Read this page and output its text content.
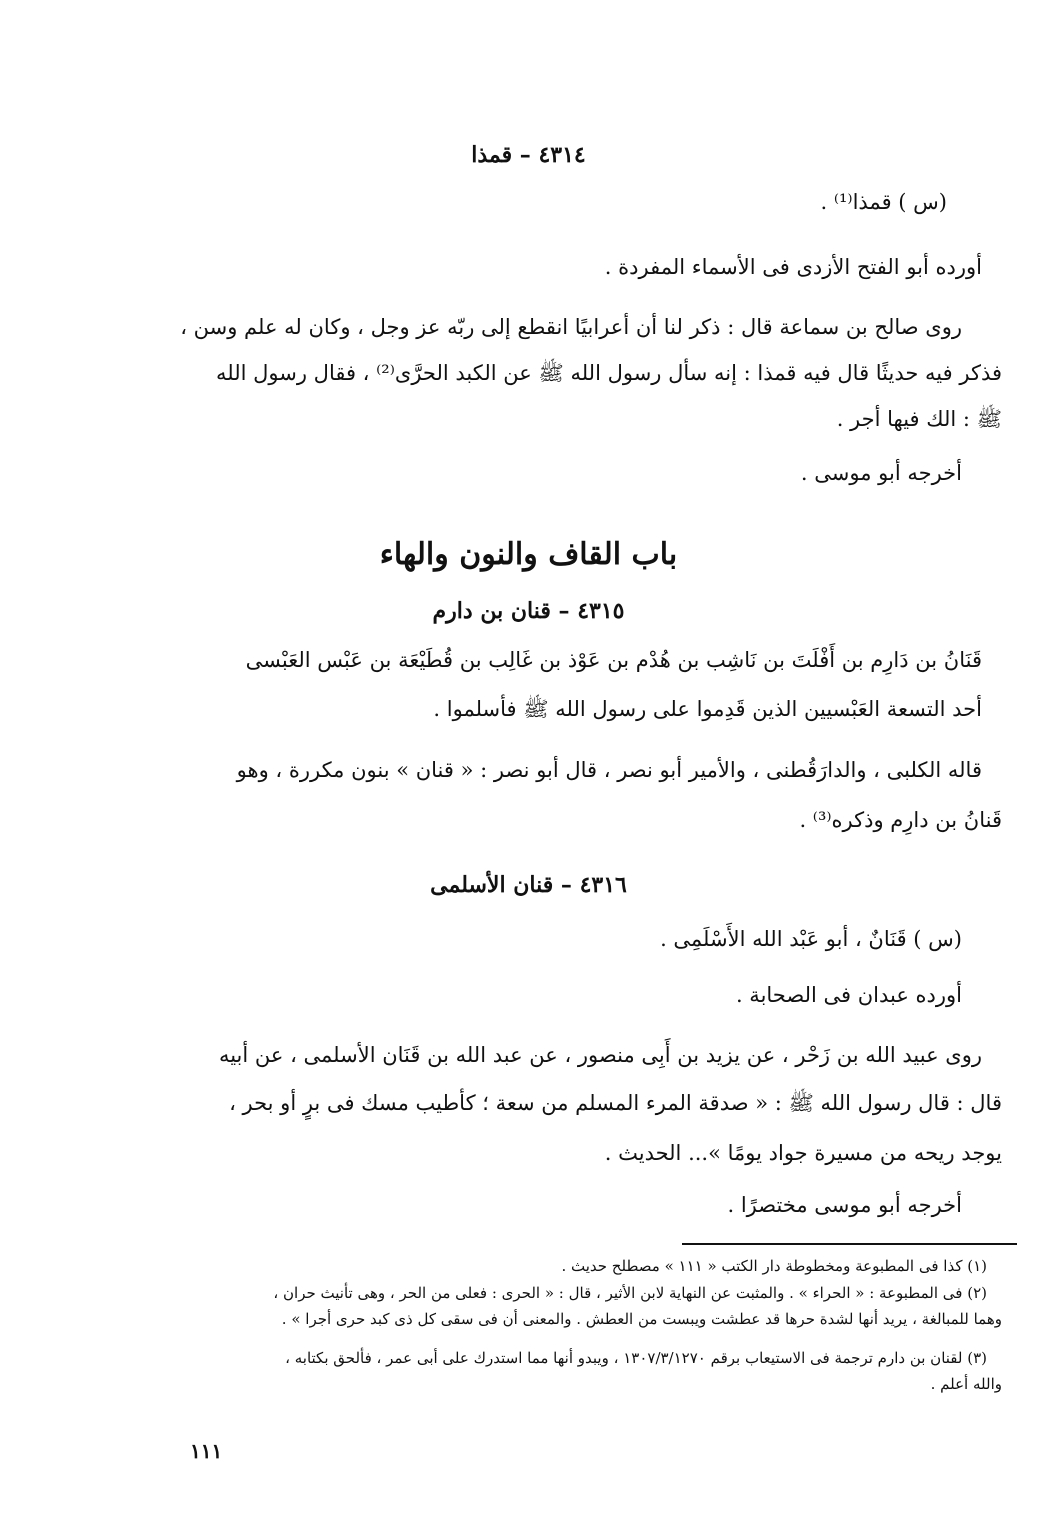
٤٣١٤ – قمذا
(س ) قمذا⁽¹⁾ .
أورده أبو الفتح الأزدى فى الأسماء المفردة .
روى صالح بن سماعة قال : ذكر لنا أن أعرابيًا انقطع إلى ربّه عز وجل ، وكان له علم وسن ،
فذكر فيه حديثًا قال فيه قمذا : إنه سأل رسول الله ﷺ عن الكبد الحرَّى⁽²⁾ ، فقال رسول الله
ﷺ : الك فيها أجر .
أخرجه أبو موسى .
باب القاف والنون والهاء
٤٣١٥ – قنان بن دارم
قَنَانُ بن دَارِم بن أَفْلَتَ بن نَاشِب بن هُدْم بن عَوْذ بن غَالِب بن قُطَيْعَة بن عَبْس العَبْسى
أحد التسعة العَبْسيين الذين قَدِموا على رسول الله ﷺ فأسلموا .
قاله الكلبى ، والدارَقُطنى ، والأمير أبو نصر ، قال أبو نصر : « قنان » بنون مكررة ، وهو
قَنانُ بن دارِم وذكره⁽³⁾ .
٤٣١٦ – قنان الأسلمى
(س ) قَنَانٌ ، أبو عَبْد الله الأَسْلَمِى .
أورده عبدان فى الصحابة .
روى عبيد الله بن زَحْر ، عن يزيد بن أَبِى منصور ، عن عبد الله بن قَنَان الأسلمى ، عن أبيه
قال : قال رسول الله ﷺ : « صدقة المرء المسلم من سعة ؛ كأطيب مسك فى برٍ أو بحر ،
يوجد ريحه من مسيرة جواد يومًا »... الحديث .
أخرجه أبو موسى مختصرًا .
(١) كذا فى المطبوعة ومخطوطة دار الكتب « ١١١ » مصطلح حديث .
(٢) فى المطبوعة : « الحراء » . والمثبت عن النهاية لابن الأثير ، قال : « الحرى : فعلى من الحر ، وهى تأنيث حران ،
وهما للمبالغة ، يريد أنها لشدة حرها قد عطشت ويبست من العطش . والمعنى أن فى سقى كل ذى كبد حرى أجرا » .
(٣) لقنان بن دارم ترجمة فى الاستيعاب برقم ١٣٠٧/٣/١٢٧٠ ، ويبدو أنها مما استدرك على أبى عمر ، فألحق بكتابه ،
والله أعلم .
١١١
